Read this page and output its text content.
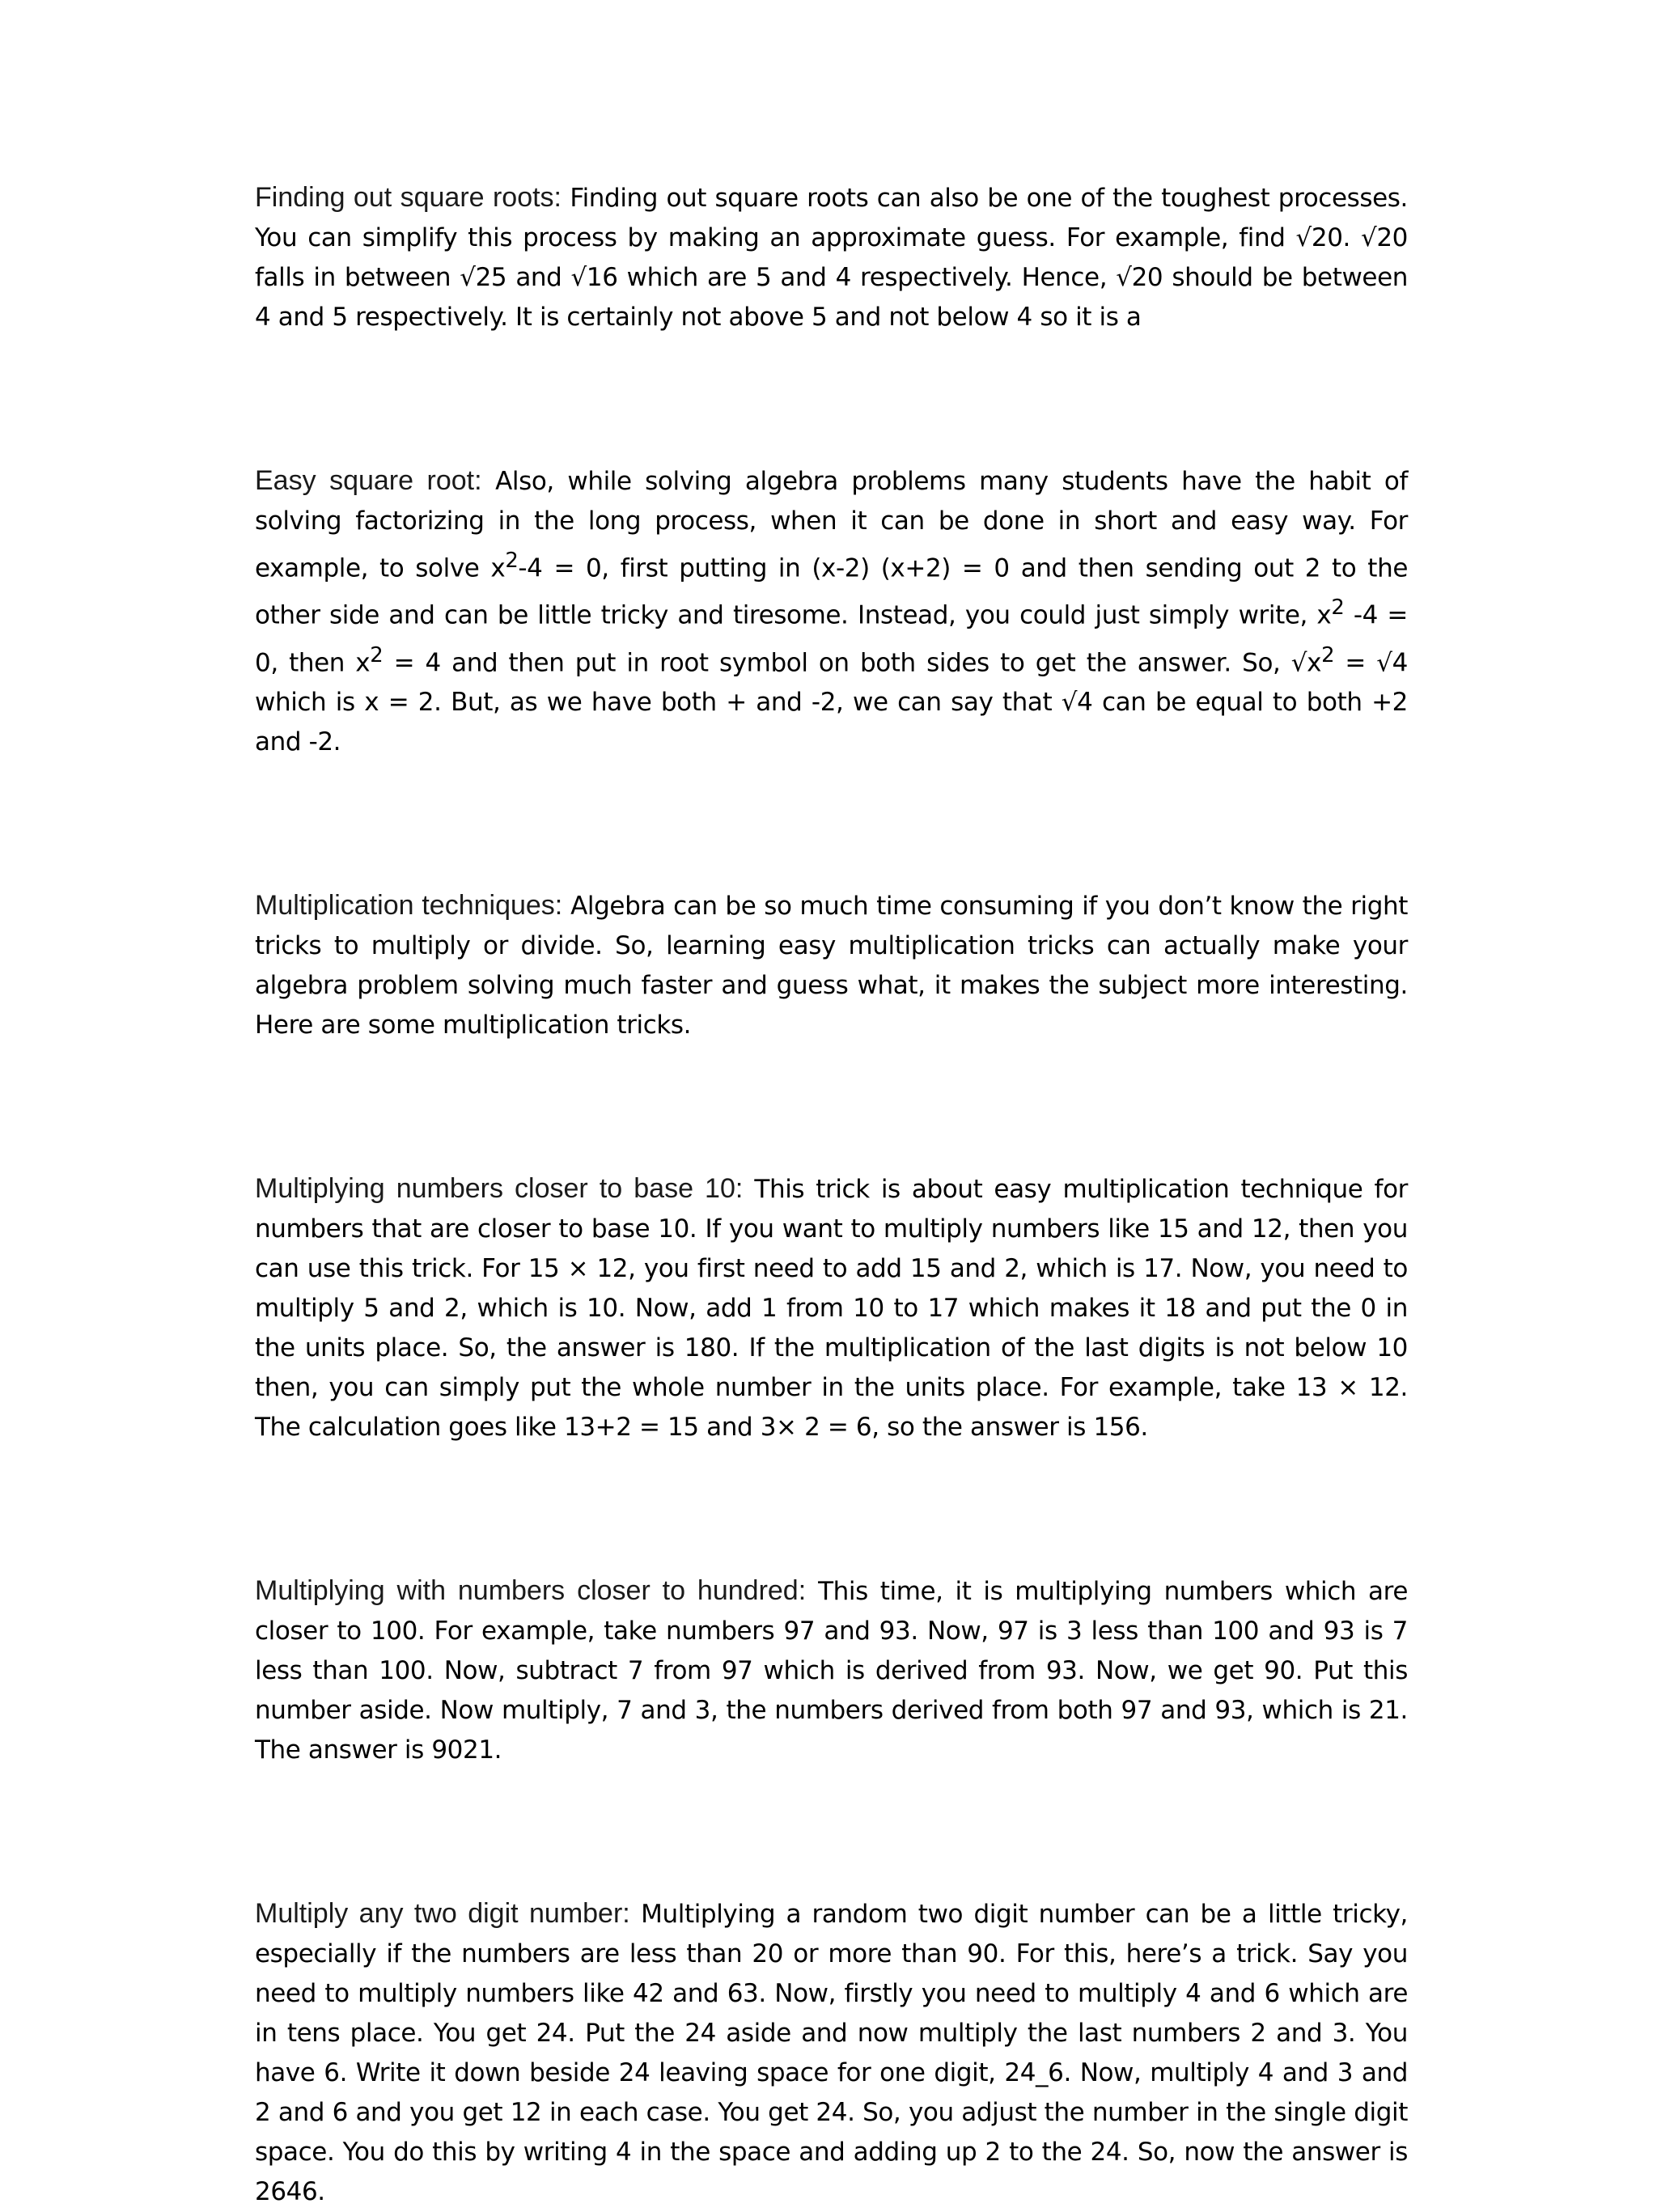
Finding out square roots: Finding out square roots can also be one of the toughest processes. You can simplify this process by making an approximate guess. For example, find √20. √20 falls in between √25 and √16 which are 5 and 4 respectively. Hence, √20 should be between 4 and 5 respectively. It is certainly not above 5 and not below 4 so it is a

Easy square root: Also, while solving algebra problems many students have the habit of solving factorizing in the long process, when it can be done in short and easy way. For example, to solve $x^2-4 = 0$, first putting in (x-2) (x+2) = 0 and then sending out 2 to the other side and can be little tricky and tiresome. Instead, you could just simply write, $x^2$ -4 = 0, then $x^2 = 4$ and then put in root symbol on both sides to get the answer. So, $√x^2 = √4$ which is x = 2. But, as we have both + and -2, we can say that √4 can be equal to both +2 and -2.

Multiplication techniques: Algebra can be so much time consuming if you don’t know the right tricks to multiply or divide. So, learning easy multiplication tricks can actually make your algebra problem solving much faster and guess what, it makes the subject more interesting. Here are some multiplication tricks.

Multiplying numbers closer to base 10: This trick is about easy multiplication technique for numbers that are closer to base 10. If you want to multiply numbers like 15 and 12, then you can use this trick. For 15 × 12, you first need to add 15 and 2, which is 17. Now, you need to multiply 5 and 2, which is 10. Now, add 1 from 10 to 17 which makes it 18 and put the 0 in the units place. So, the answer is 180. If the multiplication of the last digits is not below 10 then, you can simply put the whole number in the units place. For example, take 13 × 12. The calculation goes like 13+2 = 15 and 3× 2 = 6, so the answer is 156.

Multiplying with numbers closer to hundred: This time, it is multiplying numbers which are closer to 100. For example, take numbers 97 and 93. Now, 97 is 3 less than 100 and 93 is 7 less than 100. Now, subtract 7 from 97 which is derived from 93. Now, we get 90. Put this number aside. Now multiply, 7 and 3, the numbers derived from both 97 and 93, which is 21. The answer is 9021.

Multiply any two digit number: Multiplying a random two digit number can be a little tricky, especially if the numbers are less than 20 or more than 90. For this, here’s a trick. Say you need to multiply numbers like 42 and 63. Now, firstly you need to multiply 4 and 6 which are in tens place. You get 24. Put the 24 aside and now multiply the last numbers 2 and 3. You have 6. Write it down beside 24 leaving space for one digit, 24_6. Now, multiply 4 and 3 and 2 and 6 and you get 12 in each case. You get 24. So, you adjust the number in the single digit space. You do this by writing 4 in the space and adding up 2 to the 24. So, now the answer is 2646.
